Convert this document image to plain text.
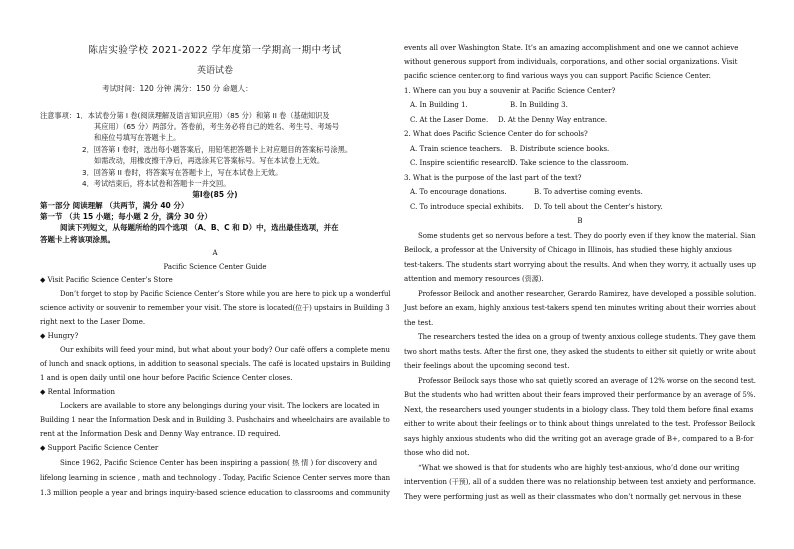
陈店实验学校 2021-2022 学年度第一学期高一期中考试
英语试卷
考试时间：120 分钟 满分：150 分 命题人：
注意事项：1．本试卷分第 I 卷(阅读理解及语言知识应用）（85 分）和第 II 卷（基础知识及
其应用）（65 分）两部分。答卷前，考生务必将自己的姓名、考生号、考场号
和座位号填写在答题卡上。
2．回答第 I 卷时，选出每小题答案后，用铅笔把答题卡上对应题目的答案标号涂黑。
如需改动，用橡皮擦干净后，再选涂其它答案标号。写在本试卷上无效。
3．回答第 II 卷时，将答案写在答题卡上，写在本试卷上无效。
4．考试结束后，将本试卷和答题卡一并交回。
第Ⅰ卷(85 分)
第一部分 阅读理解 （共两节，满分 40 分）
第一节 （共 15 小题；每小题 2 分，满分 30 分）
阅读下列短文，从每题所给的四个选项 （A、B、C 和 D）中，选出最佳选项，并在
答题卡上将该项涂黑。
A
Pacific Science Center Guide
◆ Visit Pacific Science Center’s Store
Don’t forget to stop by Pacific Science Center’s Store while you are here to pick up a wonderful
science activity or souvenir to remember your visit. The store is located(位于) upstairs in Building 3
right next to the Laser Dome.
◆ Hungry?
Our exhibits will feed your mind, but what about your body? Our café offers a complete menu
of lunch and snack options, in addition to seasonal specials. The café is located upstairs in Building
1 and is open daily until one hour before Pacific Science Center closes.
◆ Rental Information
Lockers are available to store any belongings during your visit. The lockers are located in
Building 1 near the Information Desk and in Building 3. Pushchairs and wheelchairs are available to
rent at the Information Desk and Denny Way entrance. ID required.
◆ Support Pacific Science Center
Since 1962, Pacific Science Center has been inspiring a passion( 热 情 ) for discovery and
lifelong learning in science , math and technology . Today, Pacific Science Center serves more than
1.3 million people a year and brings inquiry-based science education to classrooms and community
events all over Washington State. It’s an amazing accomplishment and one we cannot achieve
without generous support from individuals, corporations, and other social organizations. Visit
pacific science center.org to find various ways you can support Pacific Science Center.
1. Where can you buy a souvenir at Pacific Science Center?
A. In Building 1.	B. In Building 3.
C. At the Laser Dome. D. At the Denny Way entrance.
2. What does Pacific Science Center do for schools?
A. Train science teachers. B. Distribute science books.
C. Inspire scientific research.
D. Take science to the classroom.
3. What is the purpose of the last part of the text?
A. To encourage donations.	B. To advertise coming events.
C. To introduce special exhibits. D. To tell about the Center’s history.
B
Some students get so nervous before a test. They do poorly even if they know the material. Sian
Beilock, a professor at the University of Chicago in Illinois, has studied these highly anxious
test-takers. The students start worrying about the results. And when they worry, it actually uses up
attention and memory resources (资源).
Professor Beilock and another researcher, Gerardo Ramirez, have developed a possible solution.
Just before an exam, highly anxious test-takers spend ten minutes writing about their worries about
the test.
The researchers tested the idea on a group of twenty anxious college students. They gave them
two short maths tests. After the first one, they asked the students to either sit quietly or write about
their feelings about the upcoming second test.
Professor Beilock says those who sat quietly scored an average of 12% worse on the second test.
But the students who had written about their fears improved their performance by an average of 5%.
Next, the researchers used younger students in a biology class. They told them before final exams
either to write about their feelings or to think about things unrelated to the test. Professor Beilock
says highly anxious students who did the writing got an average grade of B+, compared to a B-for
those who did not.
“What we showed is that for students who are highly test-anxious, who’d done our writing
intervention (干预), all of a sudden there was no relationship between test anxiety and performance.
They were performing just as well as their classmates who don’t normally get nervous in these
